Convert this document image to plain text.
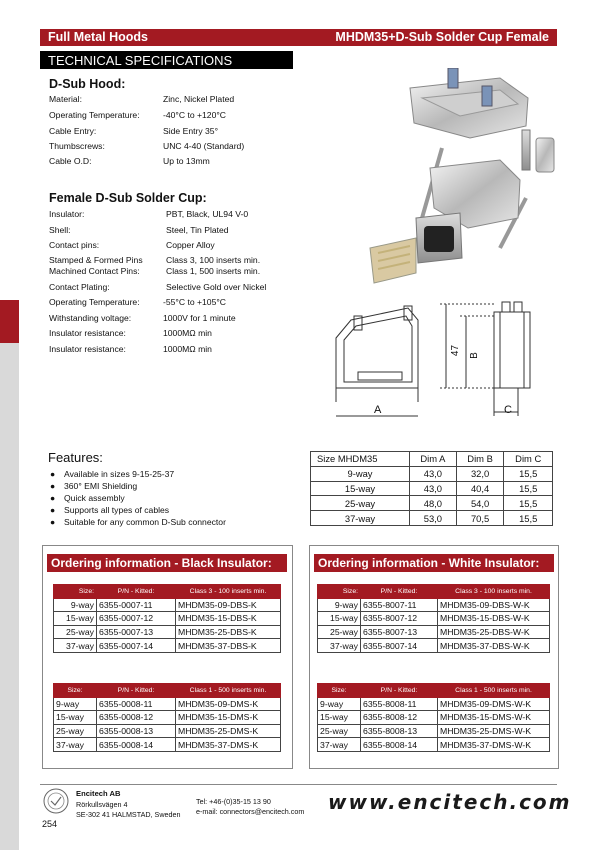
Full Metal Hoods	MHDM35+D-Sub Solder Cup Female
TECHNICAL SPECIFICATIONS
D-Sub Hood:
Material:	Zinc, Nickel Plated
Operating Temperature:	-40°C to +120°C
Cable Entry:	Side Entry 35°
Thumbscrews:	UNC 4-40 (Standard)
Cable O.D:	Up to 13mm
Female D-Sub Solder Cup:
Insulator:	PBT, Black, UL94 V-0
Shell:	Steel, Tin Plated
Contact pins:	Copper Alloy
Stamped & Formed Pins	Class 3, 100 inserts min.
Machined Contact Pins:	Class 1, 500 inserts min.
Contact Plating:	Selective Gold over Nickel
Operating Temperature:	-55°C to +105°C
Withstanding voltage:	1000V for 1 minute
Insulator resistance:	1000MΩ min
Insulator resistance:	1000MΩ min	47 B
A	C
Features:
● Available in sizes 9-15-25-37
● 360° EMI Shielding
● Quick assembly
● Supports all types of cables
● Suitable for any common D-Sub connector
Size MHDM35	Dim A	Dim B	Dim C
9-way	43,0	32,0	15,5
15-way	43,0	40,4	15,5
25-way	48,0	54,0	15,5
37-way	53,0	70,5	15,5
Ordering information - Black Insulator:
Size:	P/N - Kitted:	Class 3 - 100 inserts min.
9-way	6355-0007-11	MHDM35-09-DBS-K
15-way	6355-0007-12	MHDM35-15-DBS-K
25-way	6355-0007-13	MHDM35-25-DBS-K
37-way	6355-0007-14	MHDM35-37-DBS-K
Size:	P/N - Kitted:	Class 1 - 500 inserts min.
9-way	6355-0008-11	MHDM35-09-DMS-K
15-way	6355-0008-12	MHDM35-15-DMS-K
25-way	6355-0008-13	MHDM35-25-DMS-K
37-way	6355-0008-14	MHDM35-37-DMS-K
Ordering information - White Insulator:
Size:	P/N - Kitted:	Class 3 - 100 inserts min.
9-way	6355-8007-11	MHDM35-09-DBS-W-K
15-way	6355-8007-12	MHDM35-15-DBS-W-K
25-way	6355-8007-13	MHDM35-25-DBS-W-K
37-way	6355-8007-14	MHDM35-37-DBS-W-K
Size:	P/N - Kitted:	Class 1 - 500 inserts min.
9-way	6355-8008-11	MHDM35-09-DMS-W-K
15-way	6355-8008-12	MHDM35-15-DMS-W-K
25-way	6355-8008-13	MHDM35-25-DMS-W-K
37-way	6355-8008-14	MHDM35-37-DMS-W-K
Encitech AB
Rörkullsvägen 4
SE-302 41 HALMSTAD, Sweden
Tel: +46-(0)35-15 13 90
e-mail: connectors@encitech.com www.encitech.com
254
